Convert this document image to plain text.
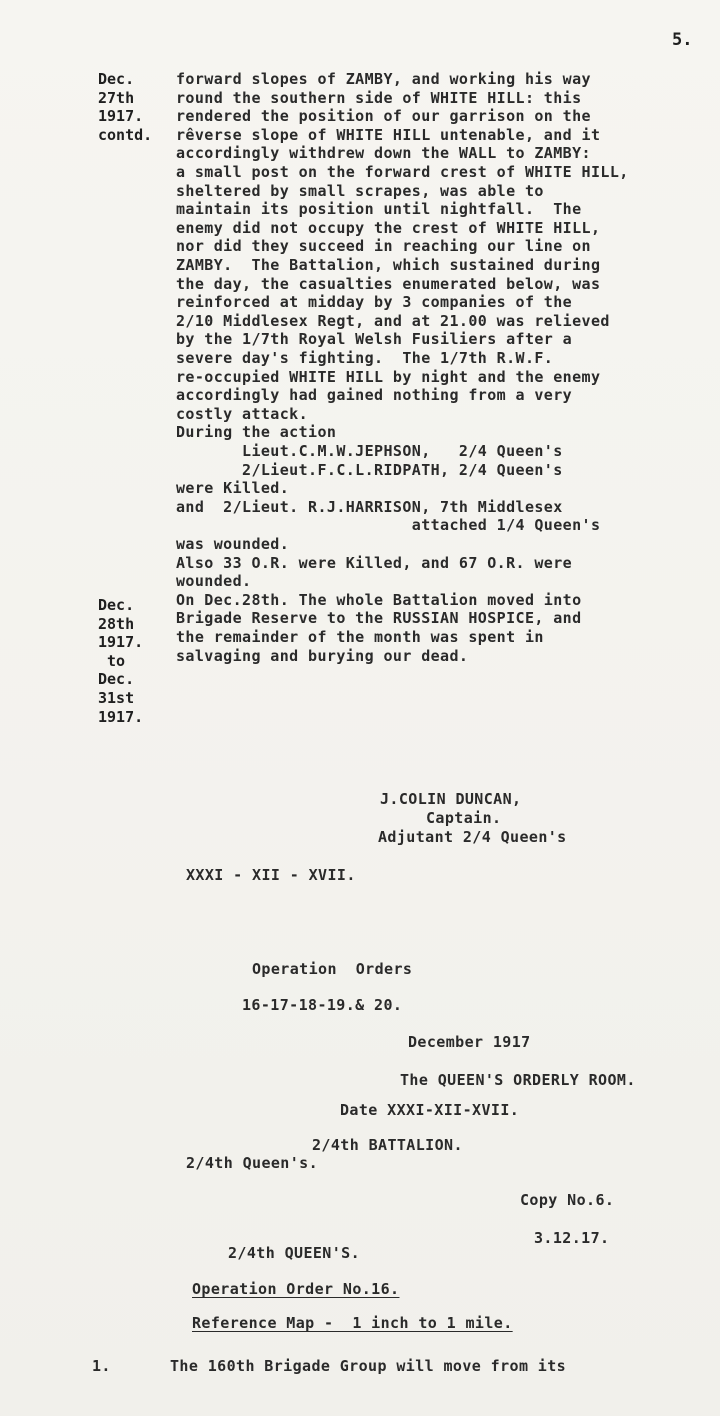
5.
Dec.
27th
1917.
contd.
Dec.
28th
1917.
to
Dec.
31st
1917.
forward slopes of ZAMBY, and working his way
round the southern side of WHITE HILL: this
rendered the position of our garrison on the
rêverse slope of WHITE HILL untenable, and it
accordingly withdrew down the WALL to ZAMBY:
a small post on the forward crest of WHITE HILL,
sheltered by small scrapes, was able to
maintain its position until nightfall.  The
enemy did not occupy the crest of WHITE HILL,
nor did they succeed in reaching our line on
ZAMBY.  The Battalion, which sustained during
the day, the casualties enumerated below, was
reinforced at midday by 3 companies of the
2/10 Middlesex Regt, and at 21.00 was relieved
by the 1/7th Royal Welsh Fusiliers after a
severe day's fighting.  The 1/7th R.W.F.
re-occupied WHITE HILL by night and the enemy
accordingly had gained nothing from a very
costly attack.
During the action
Lieut.C.M.W.JEPHSON,   2/4 Queen's
2/Lieut.F.C.L.RIDPATH, 2/4 Queen's
were Killed.
and  2/Lieut. R.J.HARRISON, 7th Middlesex
attached 1/4 Queen's
was wounded.
Also 33 O.R. were Killed, and 67 O.R. were
wounded.
On Dec.28th. The whole Battalion moved into
Brigade Reserve to the RUSSIAN HOSPICE, and
the remainder of the month was spent in
salvaging and burying our dead.
J.COLIN DUNCAN,
Captain.
Adjutant 2/4 Queen's
XXXI - XII - XVII.
Operation  Orders
16-17-18-19.& 20.
December 1917
The QUEEN'S ORDERLY ROOM.
Date XXXI-XII-XVII.
2/4th BATTALION.
2/4th Queen's.
Copy No.6.
3.12.17.
2/4th QUEEN'S.
Operation Order No.16.
Reference Map -  1 inch to 1 mile.
1.	The 160th Brigade Group will move from its
